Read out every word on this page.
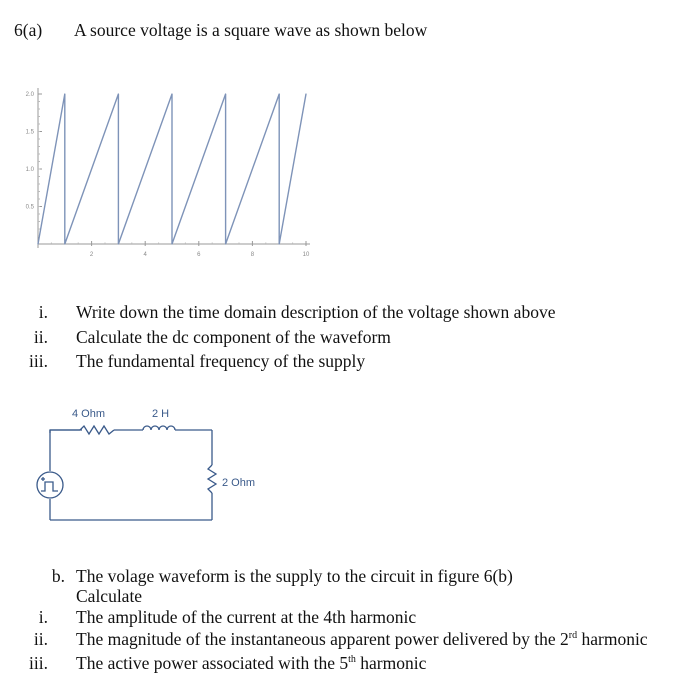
6(a) A source voltage is a square wave as shown below
2	4	6	8	10
0.5
1.0
1.5
2.0
i. Write down the time domain description of the voltage shown above
ii. Calculate the dc component of the waveform
iii. The fundamental frequency of the supply
4 Ohm	2 H
2 Ohm
b. The volage waveform is the supply to the circuit in figure 6(b)
Calculate
i. The amplitude of the current at the 4th harmonic
ii. The magnitude of the instantaneous apparent power delivered by the 2rd harmonic
iii. The active power associated with the 5th harmonic
